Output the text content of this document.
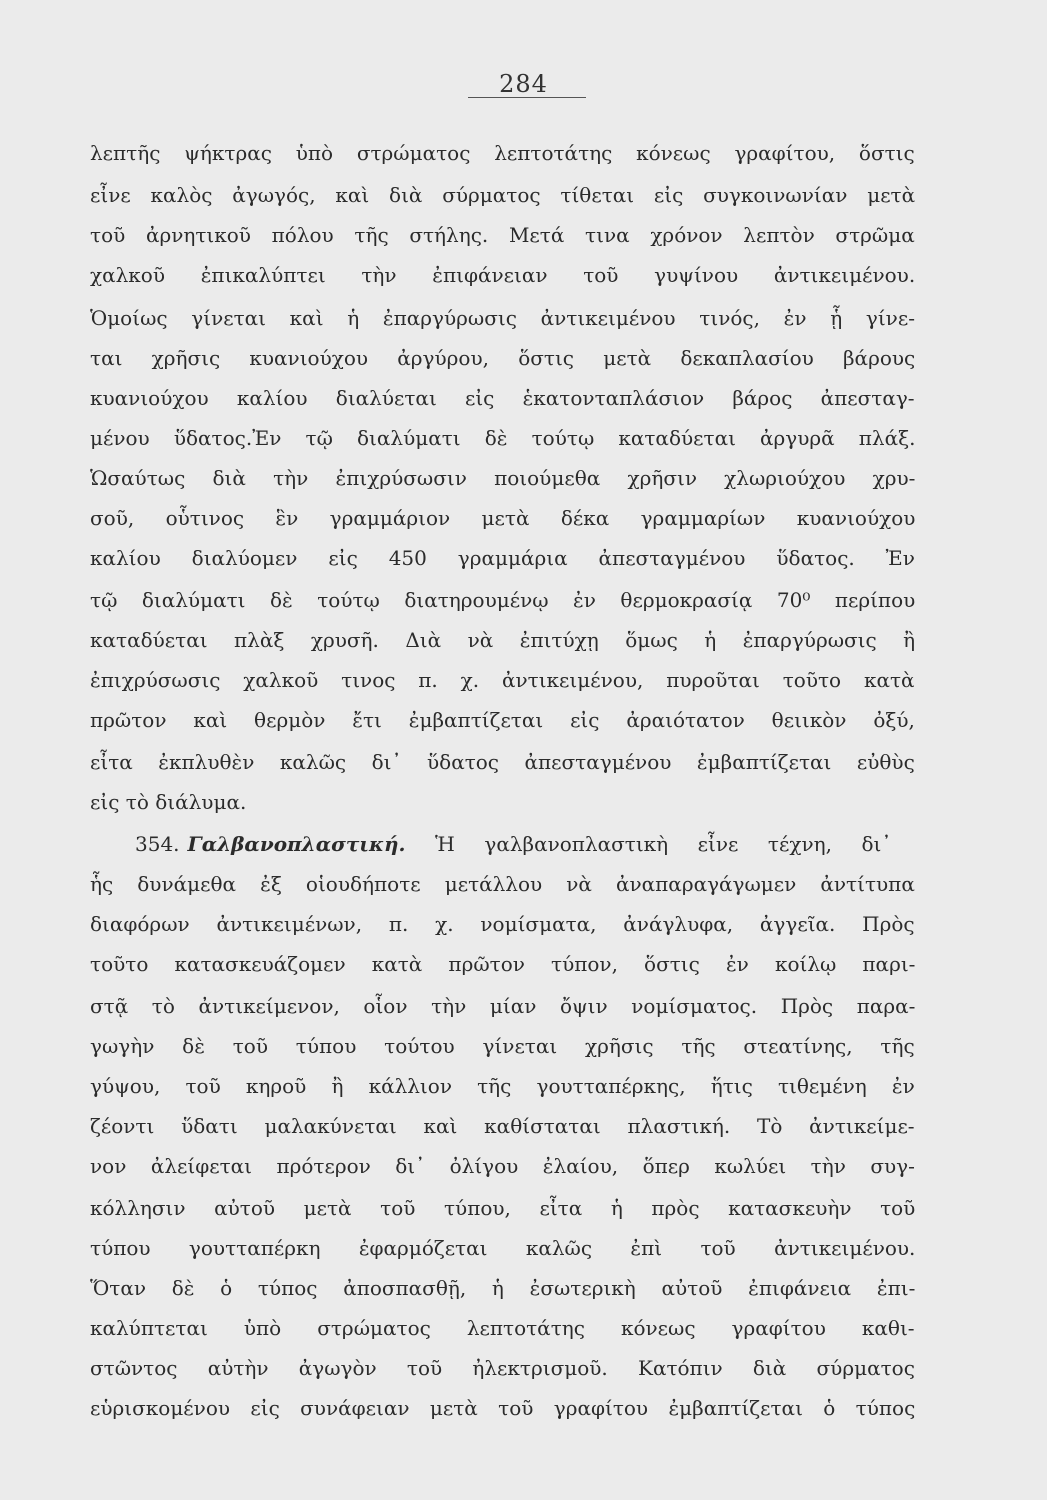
284
λεπτῆς ψήκτρας ὑπὸ στρώματος λεπτοτάτης κόνεως γραφίτου, ὅστις
εἶνε καλὸς ἀγωγός, καὶ διὰ σύρματος τίθεται εἰς συγκοινωνίαν μετὰ
τοῦ ἀρνητικοῦ πόλου τῆς στήλης. Μετά τινα χρόνον λεπτὸν στρῶμα
χαλκοῦ ἐπικαλύπτει τὴν ἐπιφάνειαν τοῦ γυψίνου ἀντικειμένου.
Ὁμοίως γίνεται καὶ ἡ ἐπαργύρωσις ἀντικειμένου τινός, ἐν ᾗ γίνε-
ται χρῆσις κυανιούχου ἀργύρου, ὅστις μετὰ δεκαπλασίου βάρους
κυανιούχου καλίου διαλύεται εἰς ἑκατονταπλάσιον βάρος ἀπεσταγ-
μένου ὕδατος.Ἐν τῷ διαλύματι δὲ τούτῳ καταδύεται ἀργυρᾶ πλάξ.
Ὡσαύτως διὰ τὴν ἐπιχρύσωσιν ποιούμεθα χρῆσιν χλωριούχου χρυ-
σοῦ, οὗτινος ἓν γραμμάριον μετὰ δέκα γραμμαρίων κυανιούχου
καλίου διαλύομεν εἰς 450 γραμμάρια ἀπεσταγμένου ὕδατος. Ἐν
τῷ διαλύματι δὲ τούτῳ διατηρουμένῳ ἐν θερμοκρασίᾳ 70⁰ περίπου
καταδύεται πλὰξ χρυσῆ. Διὰ νὰ ἐπιτύχῃ ὅμως ἡ ἐπαργύρωσις ἢ
ἐπιχρύσωσις χαλκοῦ τινος π. χ. ἀντικειμένου, πυροῦται τοῦτο κατὰ
πρῶτον καὶ θερμὸν ἔτι ἐμβαπτίζεται εἰς ἀραιότατον θειικὸν ὀξύ,
εἶτα ἐκπλυθὲν καλῶς δι᾽ ὕδατος ἀπεσταγμένου ἐμβαπτίζεται εὐθὺς
εἰς τὸ διάλυμα.
354. Γαλβανοπλαστική. Ἡ γαλβανοπλαστικὴ εἶνε τέχνη, δι᾽
ἧς δυνάμεθα ἐξ οἱουδήποτε μετάλλου νὰ ἀναπαραγάγωμεν ἀντίτυπα
διαφόρων ἀντικειμένων, π. χ. νομίσματα, ἀνάγλυφα, ἀγγεῖα. Πρὸς
τοῦτο κατασκευάζομεν κατὰ πρῶτον τύπον, ὅστις ἐν κοίλῳ παρι-
στᾷ τὸ ἀντικείμενον, οἷον τὴν μίαν ὄψιν νομίσματος. Πρὸς παρα-
γωγὴν δὲ τοῦ τύπου τούτου γίνεται χρῆσις τῆς στεατίνης, τῆς
γύψου, τοῦ κηροῦ ἢ κάλλιον τῆς γουτταπέρκης, ἥτις τιθεμένη ἐν
ζέοντι ὕδατι μαλακύνεται καὶ καθίσταται πλαστική. Τὸ ἀντικείμε-
νον ἀλείφεται πρότερον δι᾽ ὀλίγου ἐλαίου, ὅπερ κωλύει τὴν συγ-
κόλλησιν αὐτοῦ μετὰ τοῦ τύπου, εἶτα ἡ πρὸς κατασκευὴν τοῦ
τύπου γουτταπέρκη ἐφαρμόζεται καλῶς ἐπὶ τοῦ ἀντικειμένου.
Ὅταν δὲ ὁ τύπος ἀποσπασθῇ, ἡ ἐσωτερικὴ αὐτοῦ ἐπιφάνεια ἐπι-
καλύπτεται ὑπὸ στρώματος λεπτοτάτης κόνεως γραφίτου καθι-
στῶντος αὐτὴν ἀγωγὸν τοῦ ἠλεκτρισμοῦ. Κατόπιν διὰ σύρματος
εὑρισκομένου εἰς συνάφειαν μετὰ τοῦ γραφίτου ἐμβαπτίζεται ὁ τύπος
